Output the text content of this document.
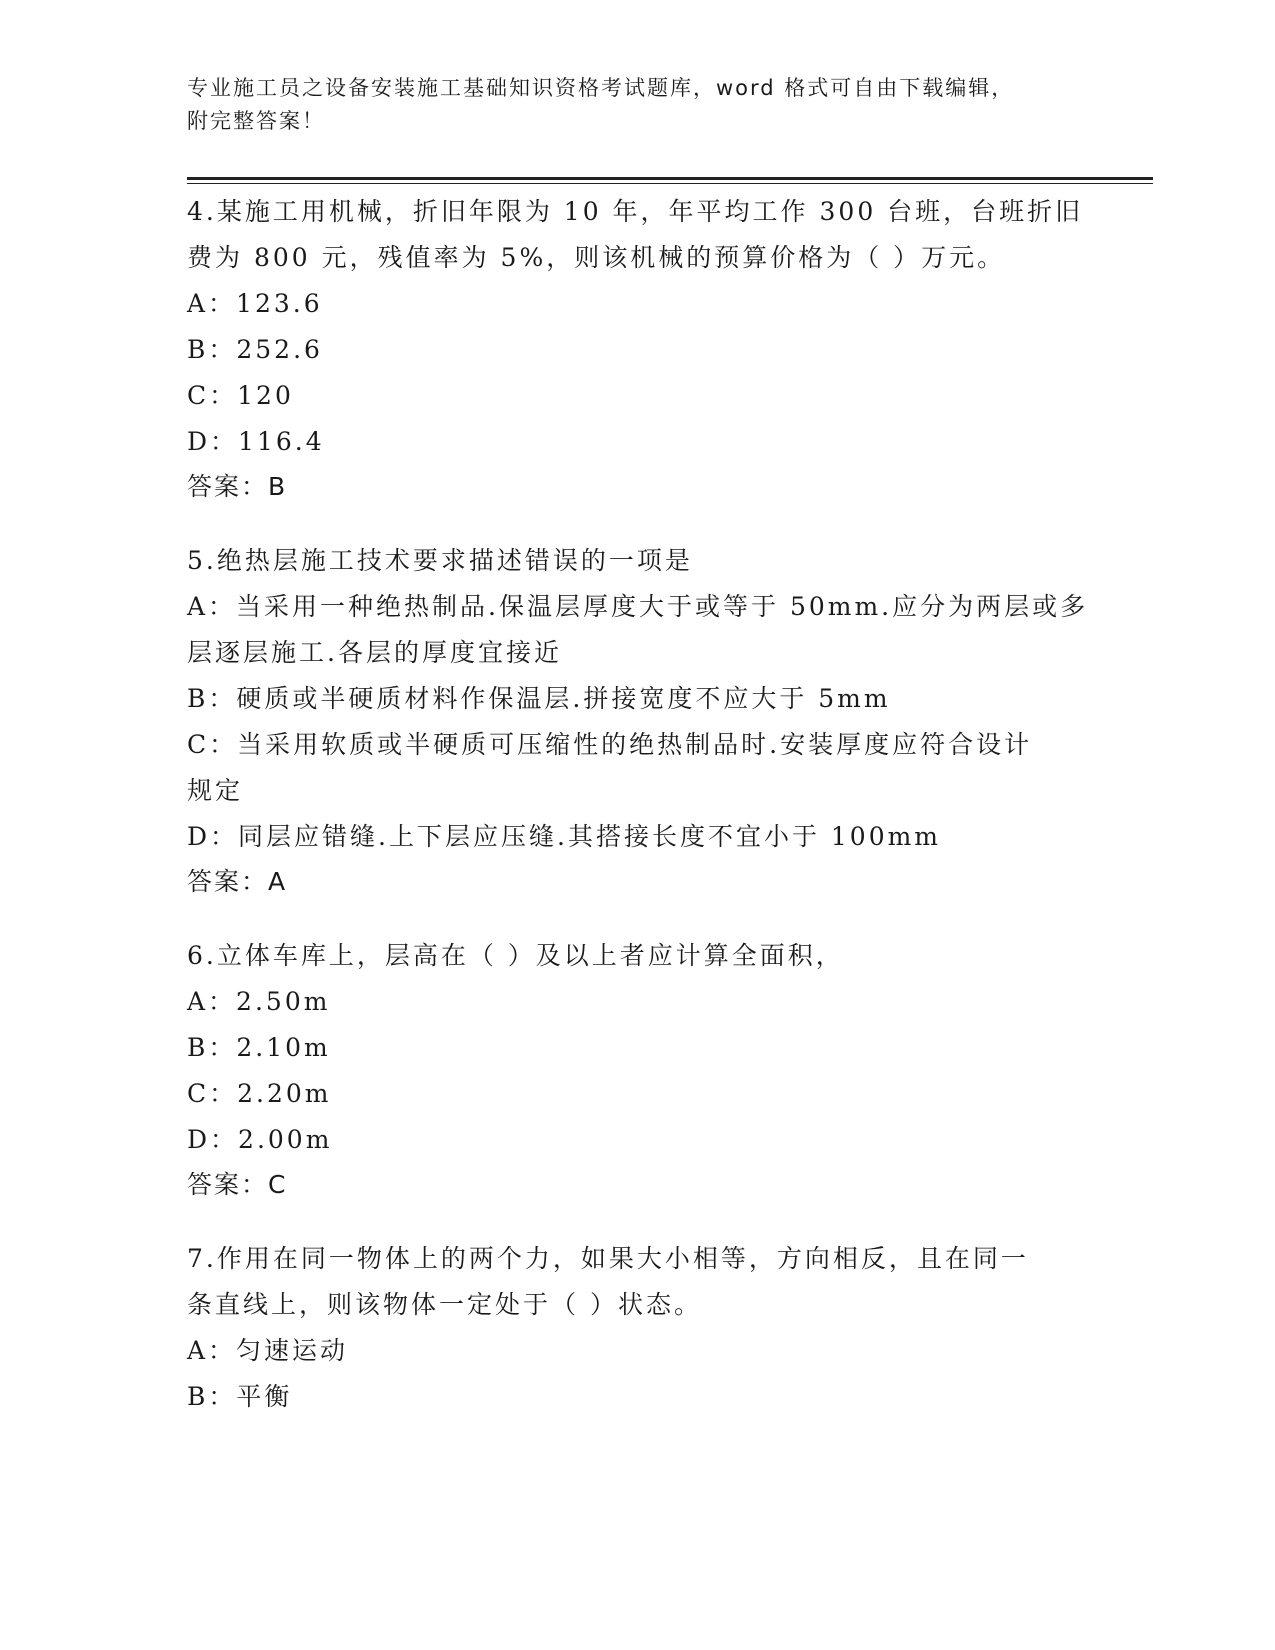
专业施工员之设备安装施工基础知识资格考试题库，word 格式可自由下载编辑，
附完整答案！
4.某施工用机械，折旧年限为 10 年，年平均工作 300 台班，台班折旧
费为 800 元，残值率为 5%，则该机械的预算价格为（ ）万元。
A：123.6
B：252.6
C：120
D：116.4
答案：B
5.绝热层施工技术要求描述错误的一项是
A：当采用一种绝热制品.保温层厚度大于或等于 50mm.应分为两层或多
层逐层施工.各层的厚度宜接近
B：硬质或半硬质材料作保温层.拼接宽度不应大于 5mm
C：当采用软质或半硬质可压缩性的绝热制品时.安装厚度应符合设计
规定
D：同层应错缝.上下层应压缝.其搭接长度不宜小于 100mm
答案：A
6.立体车库上，层高在（ ）及以上者应计算全面积，
A：2.50m
B：2.10m
C：2.20m
D：2.00m
答案：C
7.作用在同一物体上的两个力，如果大小相等，方向相反，且在同一
条直线上，则该物体一定处于（ ）状态。
A：匀速运动
B：平衡
